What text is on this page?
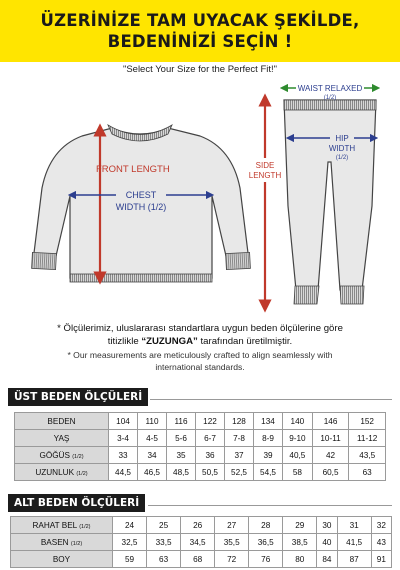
ÜZERİNİZE TAM UYACAK ŞEKİLDE,
BEDENİNİZİ SEÇİN !
"Select Your Size for the Perfect Fit!"
FRONT LENGTH
CHEST
WIDTH (1/2)
SIDE
LENGTH
WAIST RELAXED
(1/2)
HIP
WIDTH
(1/2)
* Ölçülerimiz, uluslararası standartlara uygun beden ölçülerine göre
titizlikle “ZUZUNGA” tarafından üretilmiştir.
* Our measurements are meticulously crafted to align seamlessly with
international standards.
ÜST BEDEN ÖLÇÜLERİ
BEDEN	104	110	116	122	128	134	140	146	152
YAŞ	3-4	4-5	5-6	6-7	7-8	8-9	9-10	10-11	11-12
GÖĞÜS (1/2)	33	34	35	36	37	39	40,5	42	43,5
UZUNLUK (1/2)	44,5	46,5	48,5	50,5	52,5	54,5	58	60,5	63
ALT BEDEN ÖLÇÜLERİ
RAHAT BEL (1/2)	24	25	26	27	28	29	30	31	32
BASEN (1/2)	32,5	33,5	34,5	35,5	36,5	38,5	40	41,5	43
BOY	59	63	68	72	76	80	84	87	91
